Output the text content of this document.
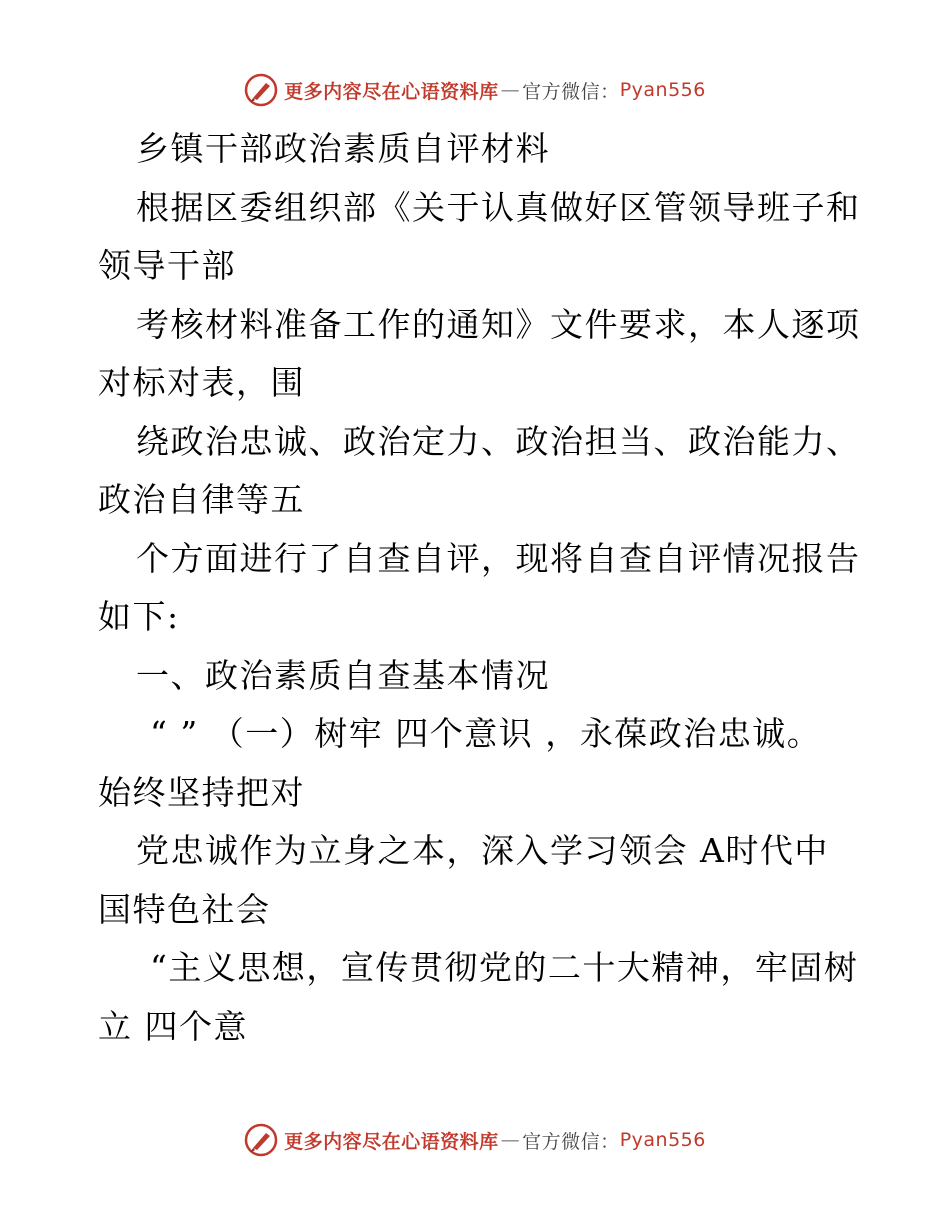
更多内容尽在心语资料库 — 官方微信： Pyan556
乡镇干部政治素质自评材料
根据区委组织部《关于认真做好区管领导班子和
领导干部
考核材料准备工作的通知》文件要求，本人逐项
对标对表，围
绕政治忠诚、政治定力、政治担当、政治能力、
政治自律等五
个方面进行了自查自评，现将自查自评情况报告
如下:
一、政治素质自查基本情况
“ ” （一）树牢 四个意识 ，永葆政治忠诚。
始终坚持把对
党忠诚作为立身之本，深入学习领会 A时代中
国特色社会
“主义思想，宣传贯彻党的二十大精神，牢固树
立 四个意
更多内容尽在心语资料库 — 官方微信： Pyan556
